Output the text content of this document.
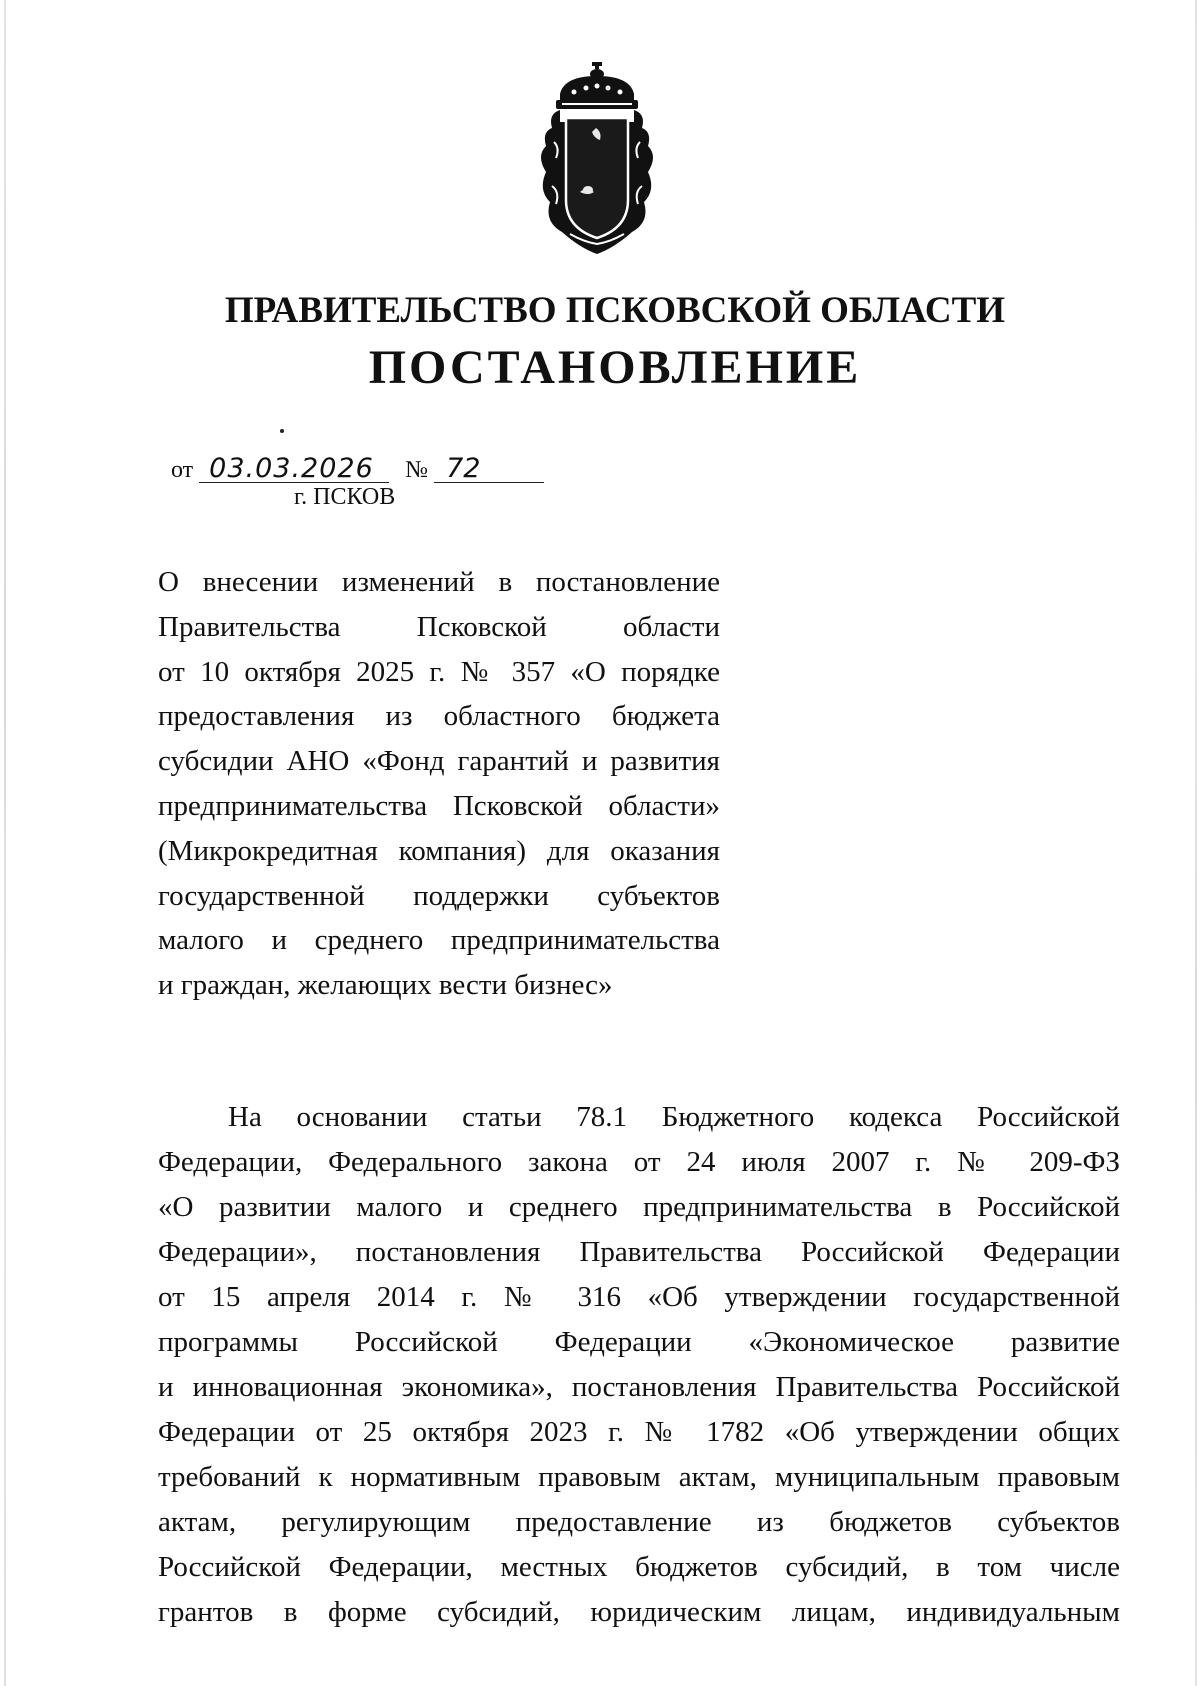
ПРАВИТЕЛЬСТВО ПСКОВСКОЙ ОБЛАСТИ
ПОСТАНОВЛЕНИЕ
от 03.03.2026 № 72
г. ПСКОВ
О внесении изменений в постановление
Правительства Псковской области
от 10 октября 2025 г. № 357 «О порядке
предоставления из областного бюджета
субсидии АНО «Фонд гарантий и развития
предпринимательства Псковской области»
(Микрокредитная компания) для оказания
государственной поддержки субъектов
малого и среднего предпринимательства
и граждан, желающих вести бизнес»
На основании статьи 78.1 Бюджетного кодекса Российской
Федерации, Федерального закона от 24 июля 2007 г. № 209-ФЗ
«О развитии малого и среднего предпринимательства в Российской
Федерации», постановления Правительства Российской Федерации
от 15 апреля 2014 г. № 316 «Об утверждении государственной
программы Российской Федерации «Экономическое развитие
и инновационная экономика», постановления Правительства Российской
Федерации от 25 октября 2023 г. № 1782 «Об утверждении общих
требований к нормативным правовым актам, муниципальным правовым
актам, регулирующим предоставление из бюджетов субъектов
Российской Федерации, местных бюджетов субсидий, в том числе
грантов в форме субсидий, юридическим лицам, индивидуальным
